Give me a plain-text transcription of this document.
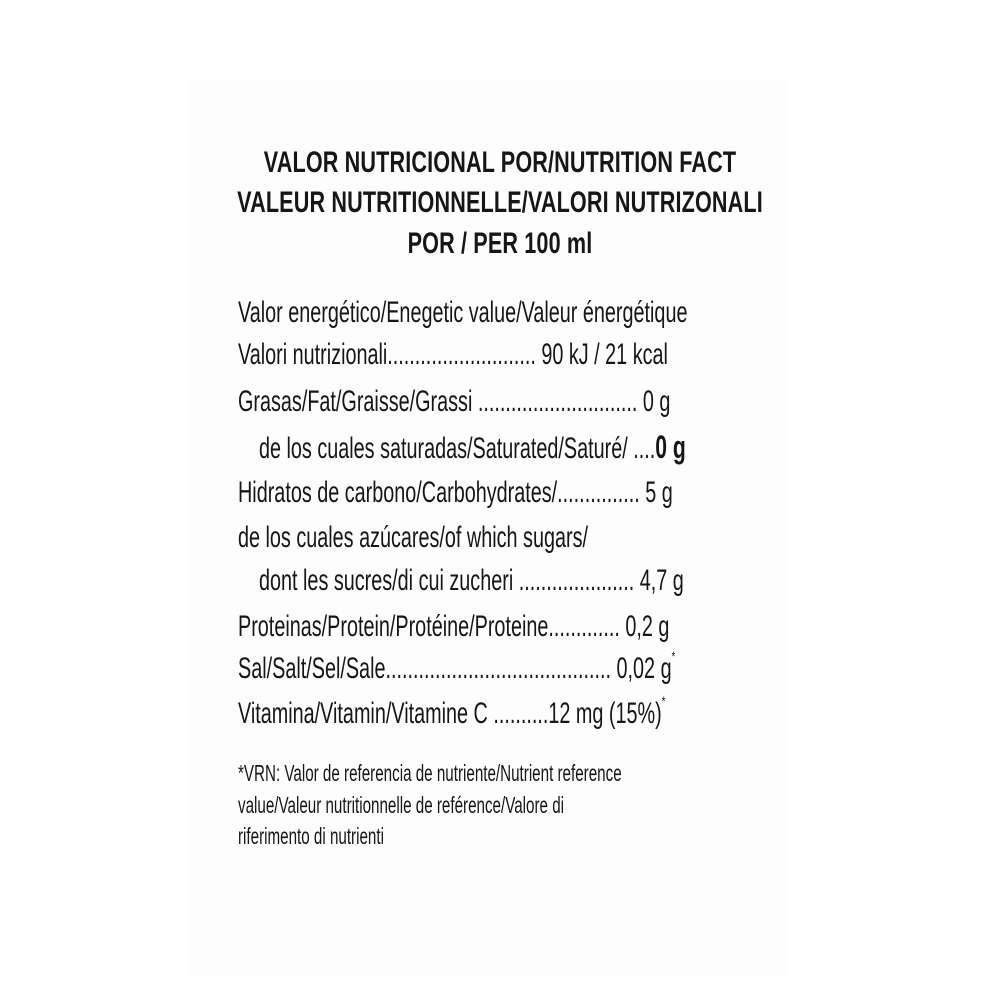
VALOR NUTRICIONAL POR/NUTRITION FACT
VALEUR NUTRITIONNELLE/VALORI NUTRIZONALI
POR / PER 100 ml
Valor energético/Enegetic value/Valeur énergétique
Valori nutrizionali........................... 90 kJ / 21 kcal
Grasas/Fat/Graisse/Grassi ............................. 0 g
de los cuales saturadas/Saturated/Saturé/ ....0 g
Hidratos de carbono/Carbohydrates/............... 5 g
de los cuales azúcares/of which sugars/
dont les sucres/di cui zucheri ..................... 4,7 g
Proteinas/Protein/Protéine/Proteine............. 0,2 g
Sal/Salt/Sel/Sale......................................... 0,02 g*
Vitamina/Vitamin/Vitamine C ..........12 mg (15%)*
*VRN: Valor de referencia de nutriente/Nutrient reference
value/Valeur nutritionnelle de reférence/Valore di
riferimento di nutrienti
